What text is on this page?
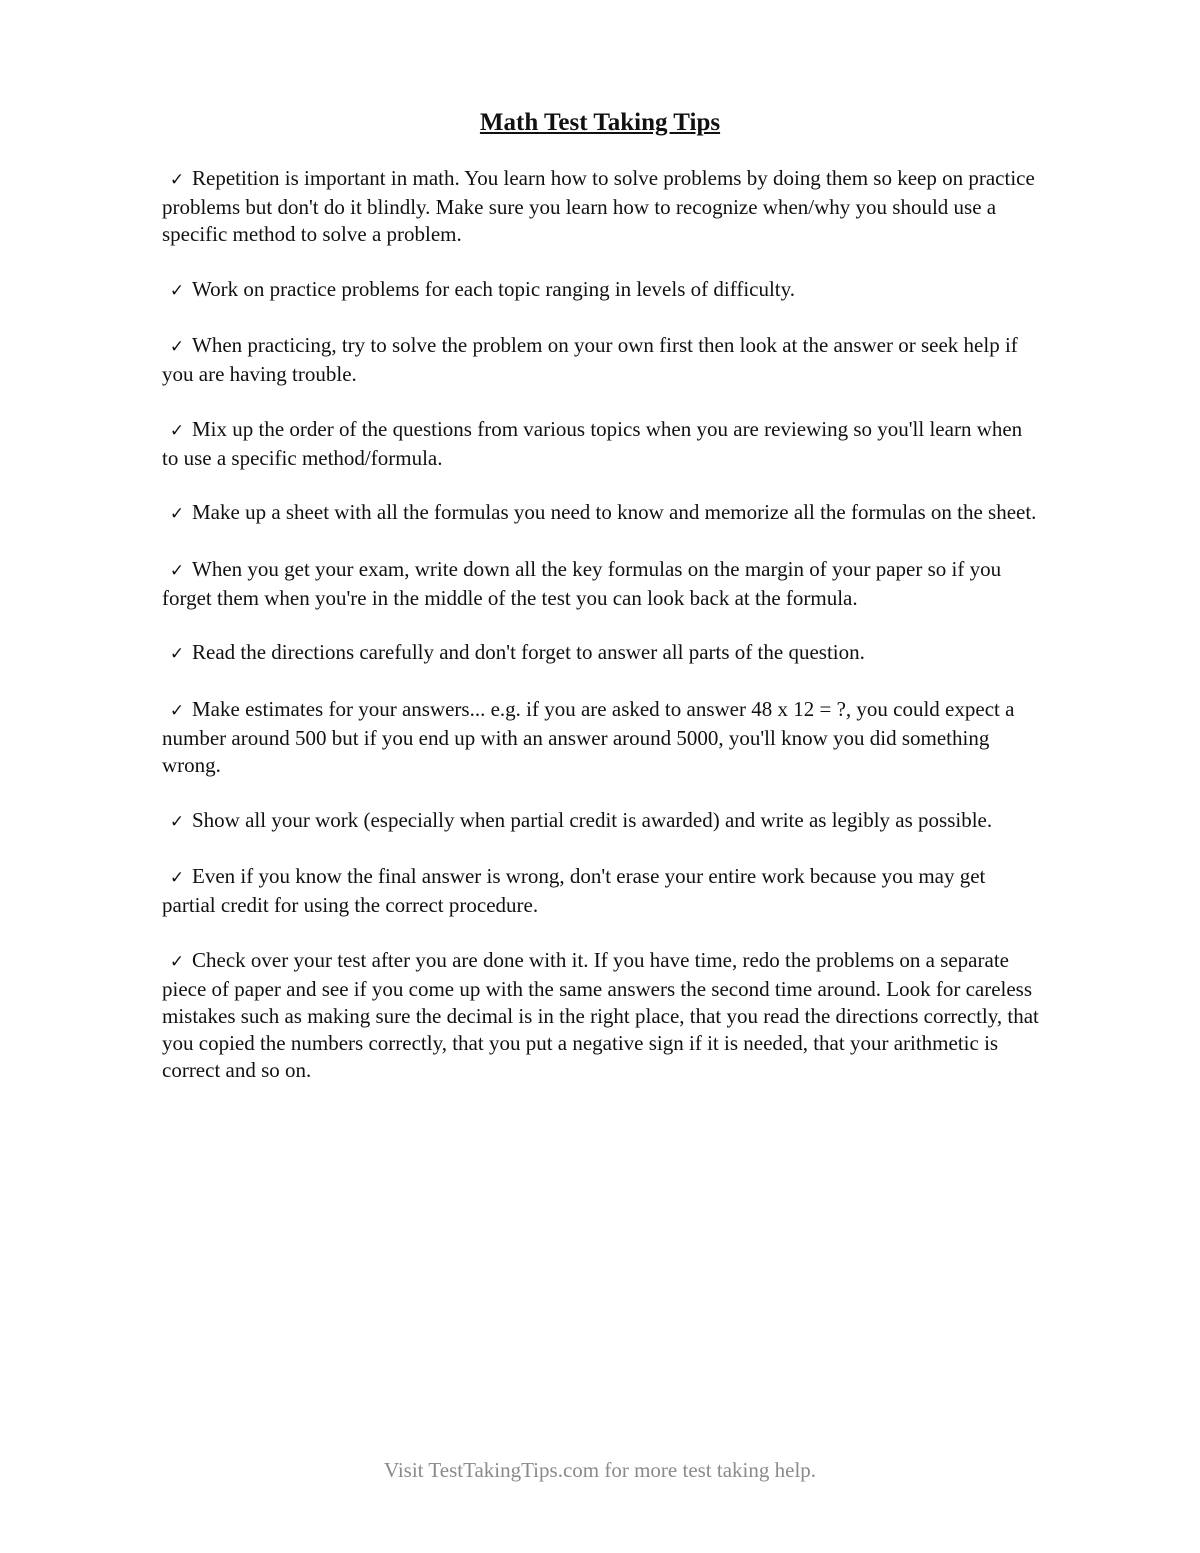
Math Test Taking Tips
✓ Repetition is important in math. You learn how to solve problems by doing them so keep on practice problems but don't do it blindly. Make sure you learn how to recognize when/why you should use a specific method to solve a problem.
✓ Work on practice problems for each topic ranging in levels of difficulty.
✓ When practicing, try to solve the problem on your own first then look at the answer or seek help if you are having trouble.
✓ Mix up the order of the questions from various topics when you are reviewing so you'll learn when to use a specific method/formula.
✓ Make up a sheet with all the formulas you need to know and memorize all the formulas on the sheet.
✓ When you get your exam, write down all the key formulas on the margin of your paper so if you forget them when you're in the middle of the test you can look back at the formula.
✓ Read the directions carefully and don't forget to answer all parts of the question.
✓ Make estimates for your answers... e.g. if you are asked to answer 48 x 12 = ?, you could expect a number around 500 but if you end up with an answer around 5000, you'll know you did something wrong.
✓ Show all your work (especially when partial credit is awarded) and write as legibly as possible.
✓ Even if you know the final answer is wrong, don't erase your entire work because you may get partial credit for using the correct procedure.
✓ Check over your test after you are done with it. If you have time, redo the problems on a separate piece of paper and see if you come up with the same answers the second time around. Look for careless mistakes such as making sure the decimal is in the right place, that you read the directions correctly, that you copied the numbers correctly, that you put a negative sign if it is needed, that your arithmetic is correct and so on.
Visit TestTakingTips.com for more test taking help.
